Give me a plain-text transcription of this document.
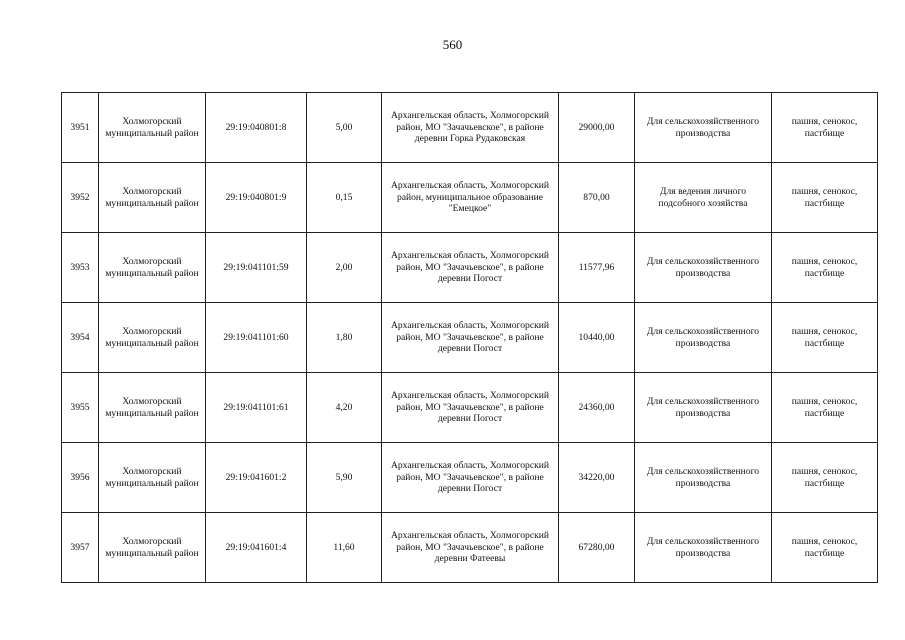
560
3951	Холмогорский муниципальный район	29:19:040801:8	5,00	Архангельская область, Холмогорский район, МО "Зачачьевское", в районе деревни Горка Рудаковская	29000,00	Для сельскохозяйственного производства	пашня, сенокос, пастбище
3952	Холмогорский муниципальный район	29:19:040801:9	0,15	Архангельская область, Холмогорский район, муниципальное образование "Емецкое"	870,00	Для ведения личного подсобного хозяйства	пашня, сенокос, пастбище
3953	Холмогорский муниципальный район	29:19:041101:59	2,00	Архангельская область, Холмогорский район, МО "Зачачьевское", в районе деревни Погост	11577,96	Для сельскохозяйственного производства	пашня, сенокос, пастбище
3954	Холмогорский муниципальный район	29:19:041101:60	1,80	Архангельская область, Холмогорский район, МО "Зачачьевское", в районе деревни Погост	10440,00	Для сельскохозяйственного производства	пашня, сенокос, пастбище
3955	Холмогорский муниципальный район	29:19:041101:61	4,20	Архангельская область, Холмогорский район, МО "Зачачьевское", в районе деревни Погост	24360,00	Для сельскохозяйственного производства	пашня, сенокос, пастбище
3956	Холмогорский муниципальный район	29:19:041601:2	5,90	Архангельская область, Холмогорский район, МО "Зачачьевское", в районе деревни Погост	34220,00	Для сельскохозяйственного производства	пашня, сенокос, пастбище
3957	Холмогорский муниципальный район	29:19:041601:4	11,60	Архангельская область, Холмогорский район, МО "Зачачьевское", в районе деревни Фатеевы	67280,00	Для сельскохозяйственного производства	пашня, сенокос, пастбище
